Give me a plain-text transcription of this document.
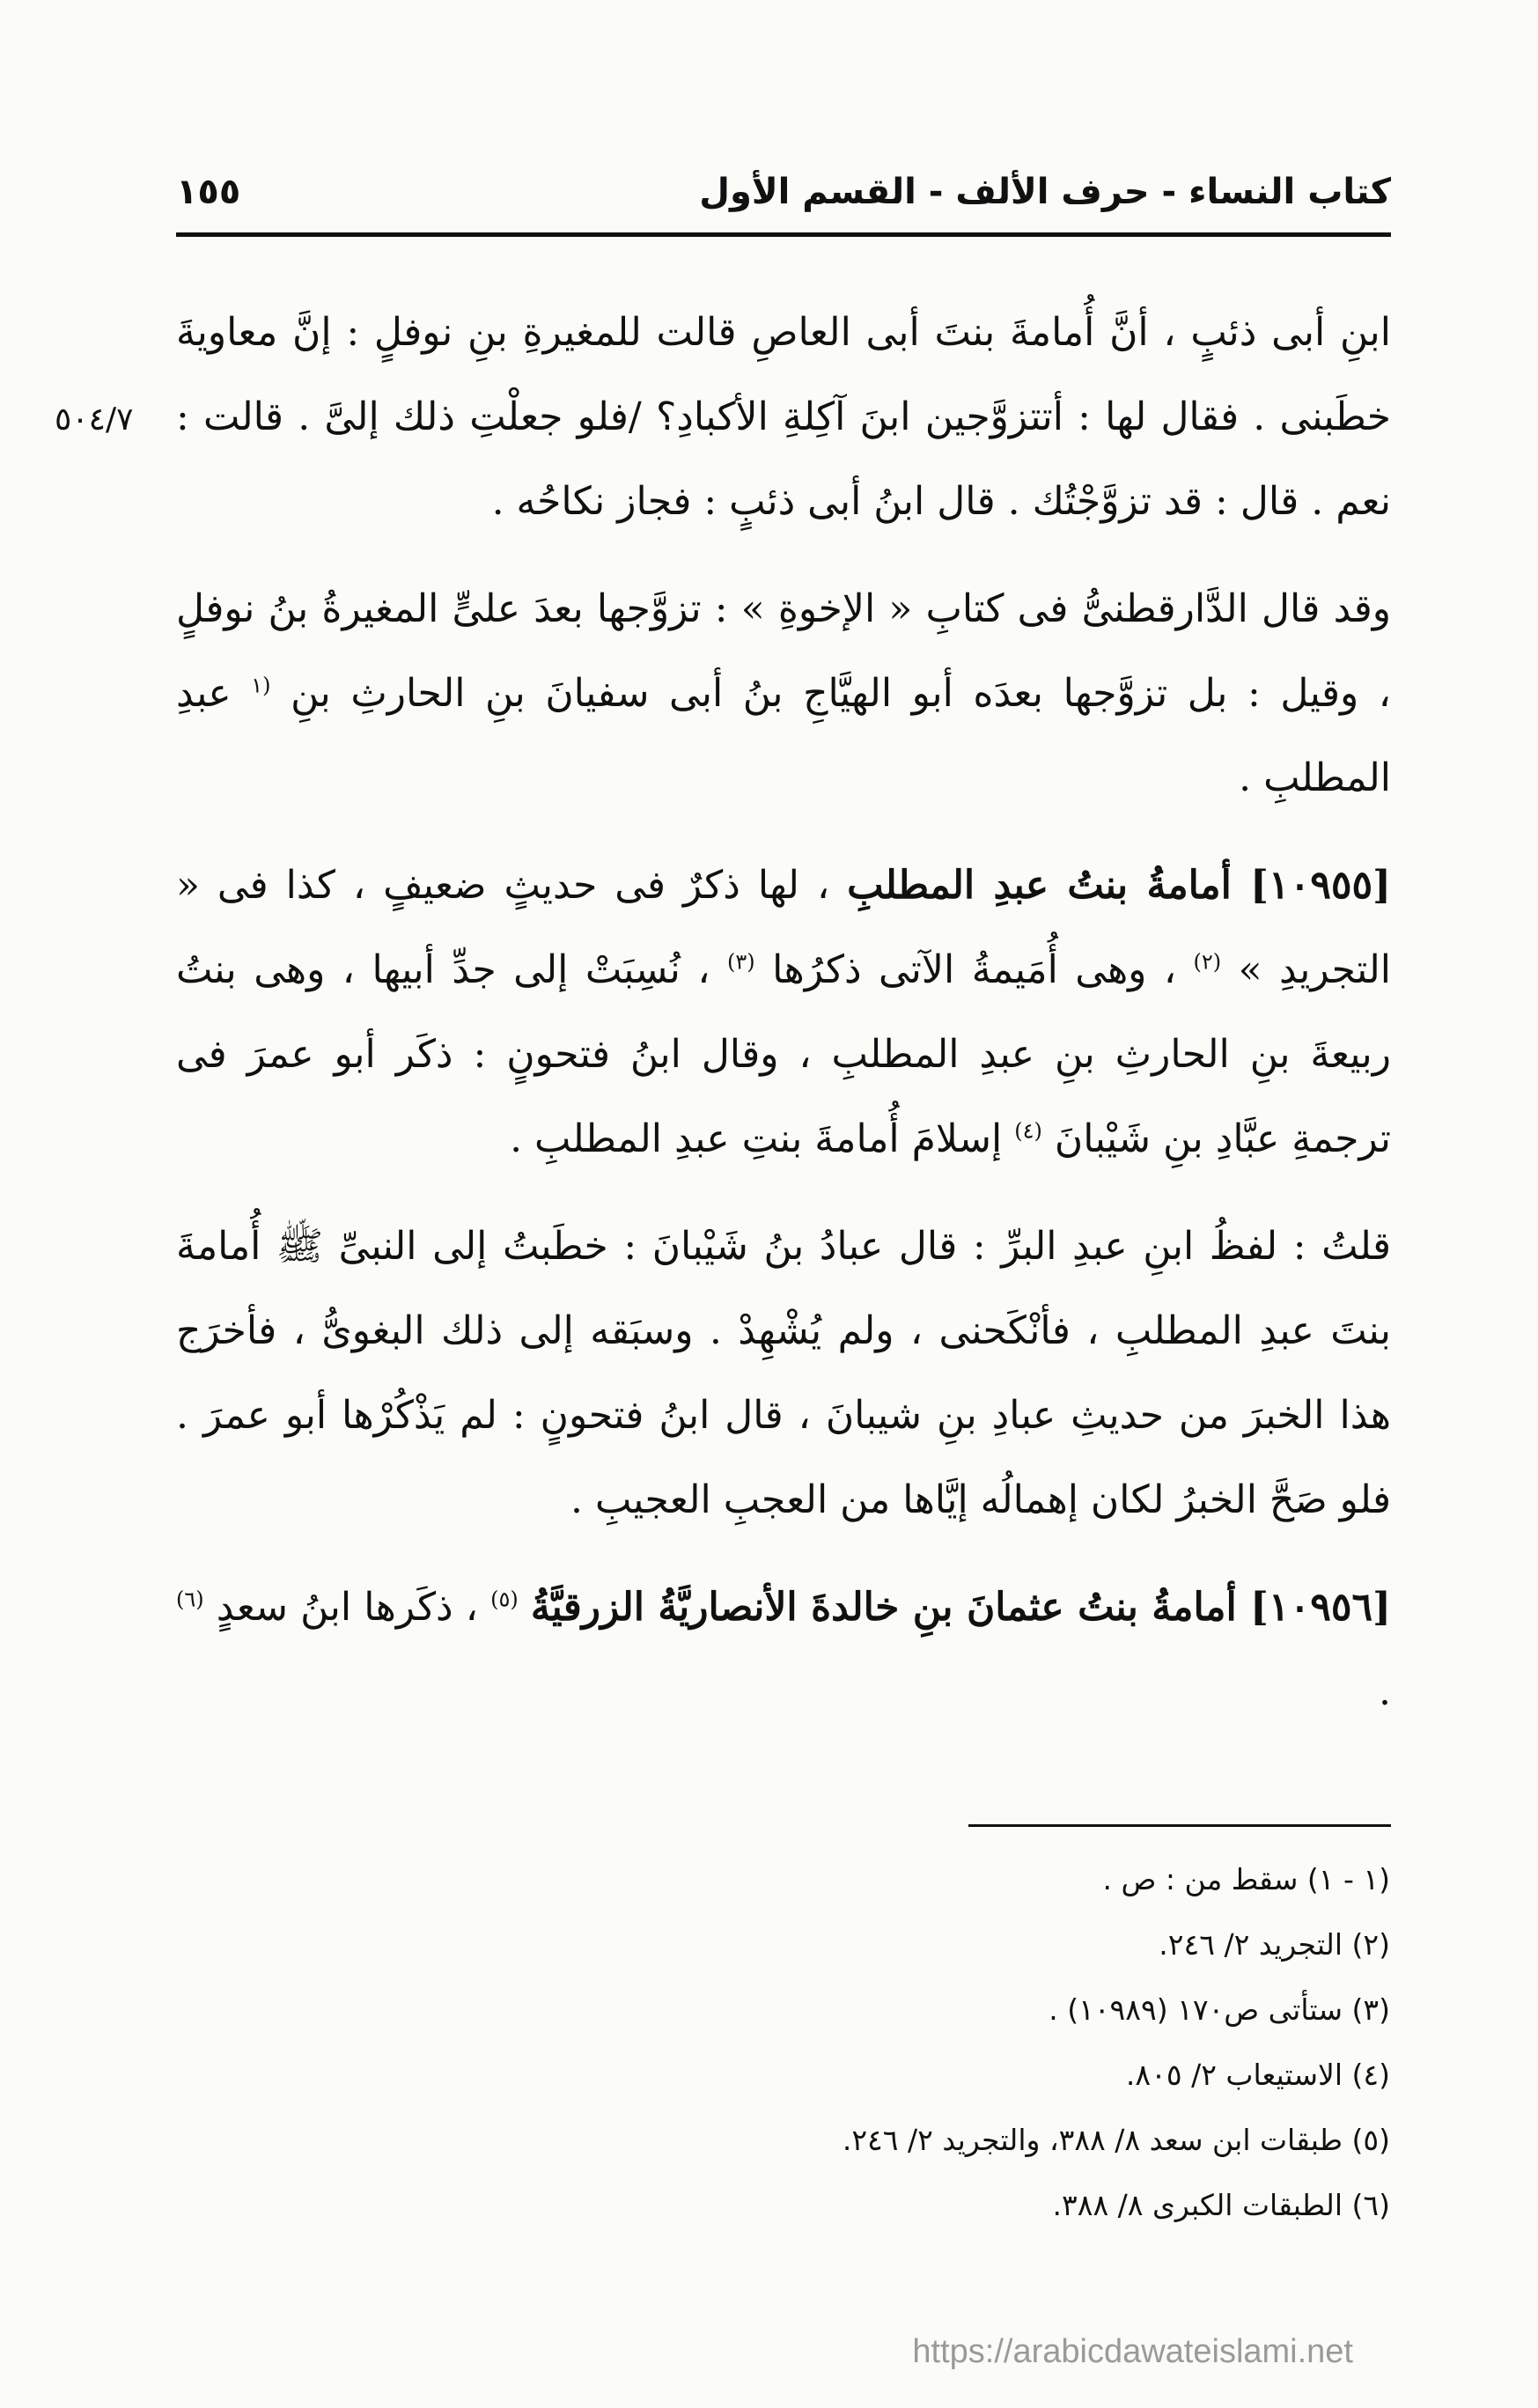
كتاب النساء - حرف الألف - القسم الأول
١٥٥
٥٠٤/٧

ابنِ أبى ذئبٍ ، أنَّ أُمامةَ بنتَ أبى العاصِ قالت للمغيرةِ بنِ نوفلٍ : إنَّ معاويةَ خطَبنى . فقال لها : أتتزوَّجين ابنَ آكِلةِ الأكبادِ؟ /فلو جعلْتِ ذلك إلىَّ . قالت : نعم . قال : قد تزوَّجْتُك . قال ابنُ أبى ذئبٍ : فجاز نكاحُه .

وقد قال الدَّارقطنىُّ فى كتابِ « الإخوةِ » : تزوَّجها بعدَ علىٍّ المغيرةُ بنُ نوفلٍ ، وقيل : بل تزوَّجها بعدَه أبو الهيَّاجِ بنُ أبى سفيانَ بنِ الحارثِ بنِ $^{(١}$ عبدِ المطلبِ .

[١٠٩٥٥] أمامةُ بنتُ عبدِ المطلبِ ، لها ذكرٌ فى حديثٍ ضعيفٍ ، كذا فى « التجريدِ » $^{(٢)}$ ، وهى أُمَيمةُ الآتى ذكرُها $^{(٣)}$ ، نُسِبَتْ إلى جدِّ أبيها ، وهى بنتُ ربيعةَ بنِ الحارثِ بنِ عبدِ المطلبِ ، وقال ابنُ فتحونٍ : ذكَر أبو عمرَ فى ترجمةِ عبَّادِ بنِ شَيْبانَ $^{(٤)}$ إسلامَ أُمامةَ بنتِ عبدِ المطلبِ .

قلتُ : لفظُ ابنِ عبدِ البرِّ : قال عبادُ بنُ شَيْبانَ : خطَبتُ إلى النبىِّ ﷺ أُمامةَ بنتَ عبدِ المطلبِ ، فأنْكَحنى ، ولم يُشْهِدْ . وسبَقه إلى ذلك البغوىُّ ، فأخرَج هذا الخبرَ من حديثِ عبادِ بنِ شيبانَ ، قال ابنُ فتحونٍ : لم يَذْكُرْها أبو عمرَ . فلو صَحَّ الخبرُ لكان إهمالُه إيَّاها من العجبِ العجيبِ .

[١٠٩٥٦] أمامةُ بنتُ عثمانَ بنِ خالدةَ الأنصاريَّةُ الزرقيَّةُ $^{(٥)}$ ، ذكَرها ابنُ سعدٍ $^{(٦)}$ .

(١ - ١) سقط من : ص .
(٢) التجريد ٢/ ٢٤٦.
(٣) ستأتى ص١٧٠ (١٠٩٨٩) .
(٤) الاستيعاب ٢/ ٨٠٥.
(٥) طبقات ابن سعد ٨/ ٣٨٨، والتجريد ٢/ ٢٤٦.
(٦) الطبقات الكبرى ٨/ ٣٨٨.
https://arabicdawateislami.net
